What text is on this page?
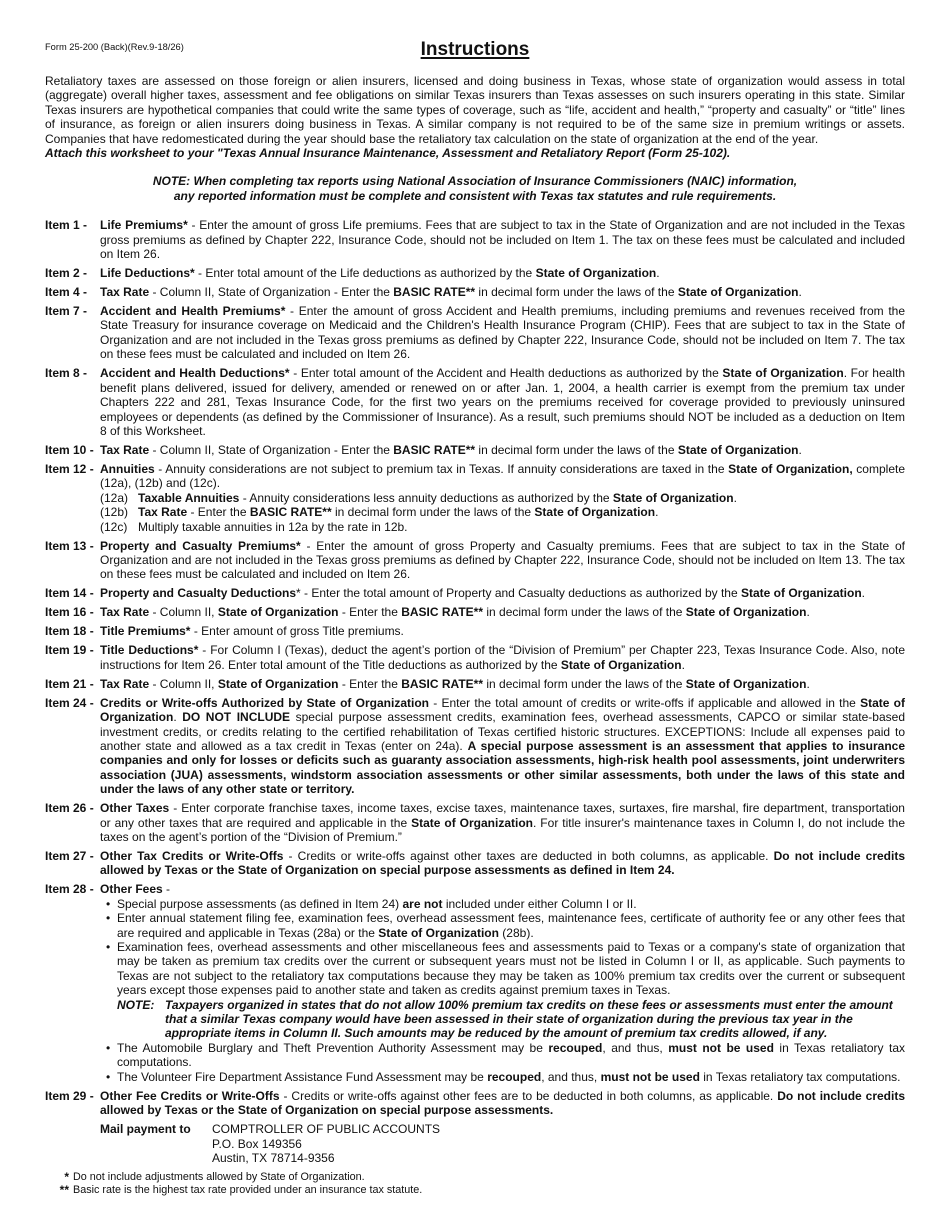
Form 25-200 (Back)(Rev.9-18/26)	Instructions

Retaliatory taxes are assessed on those foreign or alien insurers, licensed and doing business in Texas, whose state of organization would assess in total (aggregate) overall higher taxes, assessment and fee obligations on similar Texas insurers than Texas assesses on such insurers operating in this state. Similar Texas insurers are hypothetical companies that could write the same types of coverage, such as “life, accident and health,” “property and casualty” or “title” lines of insurance, as foreign or alien insurers doing business in Texas. A similar company is not required to be of the same size in premium writings or assets. Companies that have redomesticated during the year should base the retaliatory tax calculation on the state of organization at the end of the year.

Attach this worksheet to your "Texas Annual Insurance Maintenance, Assessment and Retaliatory Report (Form 25-102).

NOTE: When completing tax reports using National Association of Insurance Commissioners (NAIC) information,
any reported information must be complete and consistent with Texas tax statutes and rule requirements.
Item 1 -	Life Premiums* - Enter the amount of gross Life premiums. Fees that are subject to tax in the State of Organization and are not included in the Texas gross premiums as defined by Chapter 222, Insurance Code, should not be included on Item 1. The tax on these fees must be calculated and included on Item 26.
Item 2 -	Life Deductions* - Enter total amount of the Life deductions as authorized by the State of Organization.
Item 4 -	Tax Rate - Column II, State of Organization - Enter the BASIC RATE** in decimal form under the laws of the State of Organization.
Item 7 -	Accident and Health Premiums* - Enter the amount of gross Accident and Health premiums, including premiums and revenues received from the State Treasury for insurance coverage on Medicaid and the Children's Health Insurance Program (CHIP). Fees that are subject to tax in the State of Organization and are not included in the Texas gross premiums as defined by Chapter 222, Insurance Code, should not be included on Item 7. The tax on these fees must be calculated and included on Item 26.
Item 8 -	Accident and Health Deductions* - Enter total amount of the Accident and Health deductions as authorized by the State of Organization. For health benefit plans delivered, issued for delivery, amended or renewed on or after Jan. 1, 2004, a health carrier is exempt from the premium tax under Chapters 222 and 281, Texas Insurance Code, for the first two years on the premiums received for coverage provided to previously uninsured employees or dependents (as defined by the Commissioner of Insurance). As a result, such premiums should NOT be included as a deduction on Item 8 of this Worksheet.
Item 10 - Tax Rate - Column II, State of Organization - Enter the BASIC RATE** in decimal form under the laws of the State of Organization.
Item 12 - Annuities - Annuity considerations are not subject to premium tax in Texas. If annuity considerations are taxed in the State of Organization, complete (12a), (12b) and (12c).
(12a) Taxable Annuities - Annuity considerations less annuity deductions as authorized by the State of Organization.
(12b) Tax Rate - Enter the BASIC RATE** in decimal form under the laws of the State of Organization.
(12c) Multiply taxable annuities in 12a by the rate in 12b.
Item 13 - Property and Casualty Premiums* - Enter the amount of gross Property and Casualty premiums. Fees that are subject to tax in the State of Organization and are not included in the Texas gross premiums as defined by Chapter 222, Insurance Code, should not be included on Item 13. The tax on these fees must be calculated and included on Item 26.
Item 14 - Property and Casualty Deductions* - Enter the total amount of Property and Casualty deductions as authorized by the State of Organization.
Item 16 - Tax Rate - Column II, State of Organization - Enter the BASIC RATE** in decimal form under the laws of the State of Organization.
Item 18 - Title Premiums* - Enter amount of gross Title premiums.
Item 19 - Title Deductions* - For Column I (Texas), deduct the agent’s portion of the “Division of Premium” per Chapter 223, Texas Insurance Code. Also, note instructions for Item 26. Enter total amount of the Title deductions as authorized by the State of Organization.
Item 21 - Tax Rate - Column II, State of Organization - Enter the BASIC RATE** in decimal form under the laws of the State of Organization.
Item 24 - Credits or Write-offs Authorized by State of Organization - Enter the total amount of credits or write-offs if applicable and allowed in the State of Organization. DO NOT INCLUDE special purpose assessment credits, examination fees, overhead assessments, CAPCO or similar state-based investment credits, or credits relating to the certified rehabilitation of Texas certified historic structures. EXCEPTIONS: Include all expenses paid to another state and allowed as a tax credit in Texas (enter on 24a). A special purpose assessment is an assessment that applies to insurance companies and only for losses or deficits such as guaranty association assessments, high-risk health pool assessments, joint underwriters association (JUA) assessments, windstorm association assessments or other similar assessments, both under the laws of this state and under the laws of any other state or territory.
Item 26 - Other Taxes - Enter corporate franchise taxes, income taxes, excise taxes, maintenance taxes, surtaxes, fire marshal, fire department, transportation or any other taxes that are required and applicable in the State of Organization. For title insurer's maintenance taxes in Column I, do not include the taxes on the agent’s portion of the “Division of Premium.”
Item 27 - Other Tax Credits or Write-Offs - Credits or write-offs against other taxes are deducted in both columns, as applicable. Do not include credits allowed by Texas or the State of Organization on special purpose assessments as defined in Item 24.
Item 28 - Other Fees -
• Special purpose assessments (as defined in Item 24) are not included under either Column I or II.
• Enter annual statement filing fee, examination fees, overhead assessment fees, maintenance fees, certificate of authority fee or any other fees that are required and applicable in Texas (28a) or the State of Organization (28b).
• Examination fees, overhead assessments and other miscellaneous fees and assessments paid to Texas or a company's state of organization that may be taken as premium tax credits over the current or subsequent years must not be listed in Column I or II, as applicable. Such payments to Texas are not subject to the retaliatory tax computations because they may be taken as 100% premium tax credits over the current or subsequent years except those expenses paid to another state and taken as credits against premium taxes in Texas.
NOTE: Taxpayers organized in states that do not allow 100% premium tax credits on these fees or assessments must enter the amount that a similar Texas company would have been assessed in their state of organization during the previous tax year in the appropriate items in Column II. Such amounts may be reduced by the amount of premium tax credits allowed, if any.
• The Automobile Burglary and Theft Prevention Authority Assessment may be recouped, and thus, must not be used in Texas retaliatory tax computations.
• The Volunteer Fire Department Assistance Fund Assessment may be recouped, and thus, must not be used in Texas retaliatory tax computations.
Item 29 - Other Fee Credits or Write-Offs - Credits or write-offs against other fees are to be deducted in both columns, as applicable. Do not include credits allowed by Texas or the State of Organization on special purpose assessments.
Mail payment to	COMPTROLLER OF PUBLIC ACCOUNTS
P.O. Box 149356
Austin, TX 78714-9356
* Do not include adjustments allowed by State of Organization.
** Basic rate is the highest tax rate provided under an insurance tax statute.
